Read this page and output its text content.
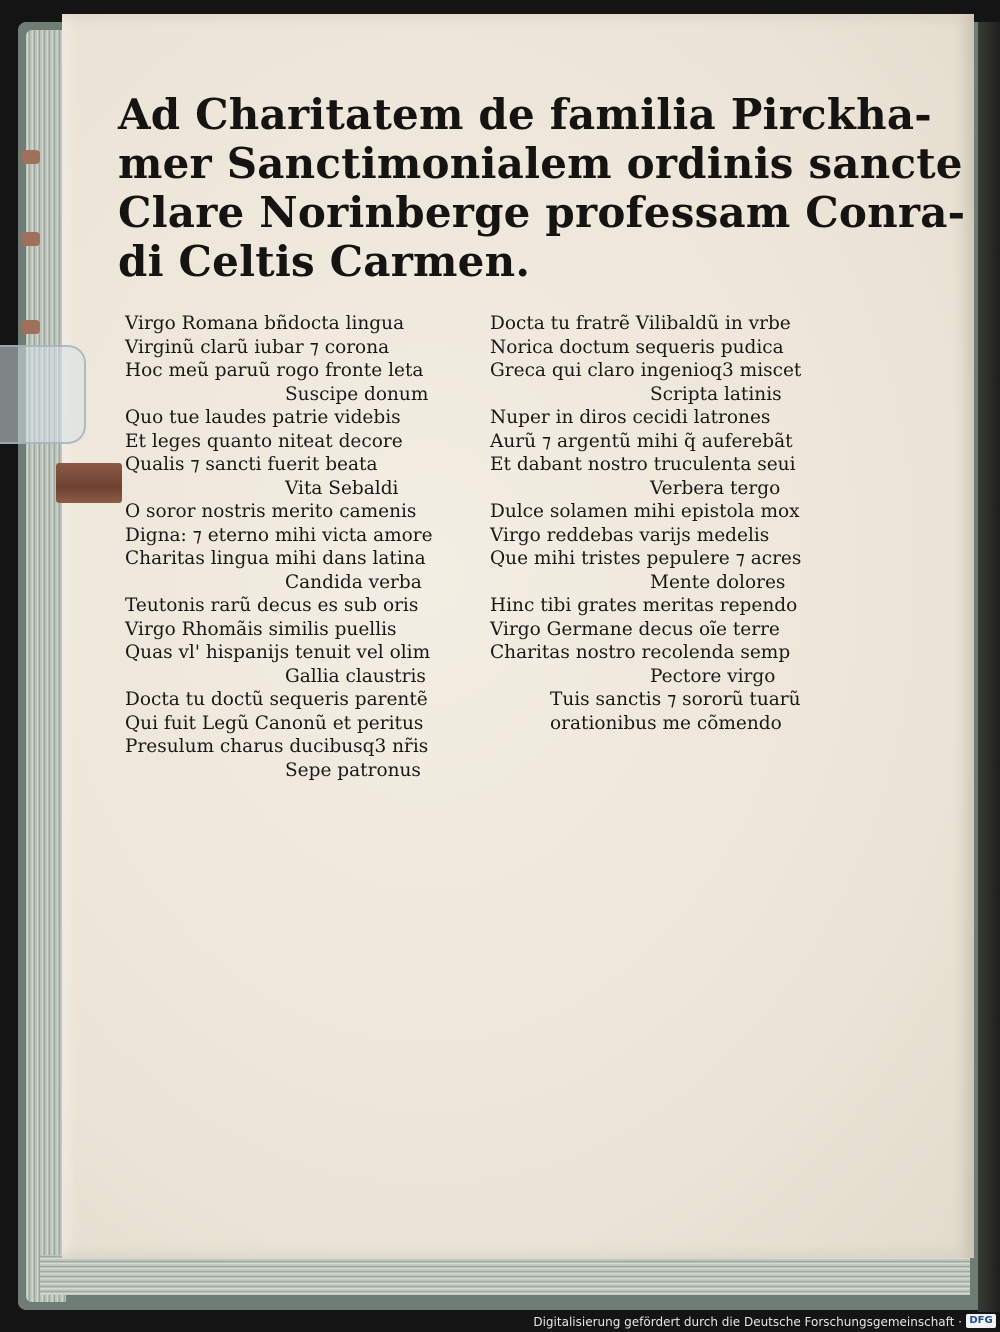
Ad Charitatem de familia Pirckha-
mer Sanctimonialem ordinis sancte
Clare Norinberge professam Conra-
di Celtis Carmen.
Virgo Romana bñdocta lingua
Virginũ clarũ iubar ⁊ corona
Hoc meũ paruũ rogo fronte leta
Suscipe donum
Quo tue laudes patrie videbis
Et leges quanto niteat decore
Qualis ⁊ sancti fuerit beata
Vita Sebaldi
O soror nostris merito camenis
Digna: ⁊ eterno mihi victa amore
Charitas lingua mihi dans latina
Candida verba
Teutonis rarũ decus es sub oris
Virgo Rhomãis similis puellis
Quas vl' hispanijs tenuit vel olim
Gallia claustris
Docta tu doctũ sequeris parentẽ
Qui fuit Legũ Canonũ et peritus
Presulum charus ducibusq3 nr̃is
Sepe patronus
Docta tu fratrẽ Vilibaldũ in vrbe
Norica doctum sequeris pudica
Greca qui claro ingenioq3 miscet
Scripta latinis
Nuper in diros cecidi latrones
Aurũ ⁊ argentũ mihi q̃ auferebãt
Et dabant nostro truculenta seui
Verbera tergo
Dulce solamen mihi epistola mox
Virgo reddebas varijs medelis
Que mihi tristes pepulere ⁊ acres
Mente dolores
Hinc tibi grates meritas rependo
Virgo Germane decus oĩe terre
Charitas nostro recolenda semp
Pectore virgo
Tuis sanctis ⁊ sororũ tuarũ
orationibus me cõmendo
Digitalisierung gefördert durch die Deutsche Forschungsgemeinschaft · DFG
